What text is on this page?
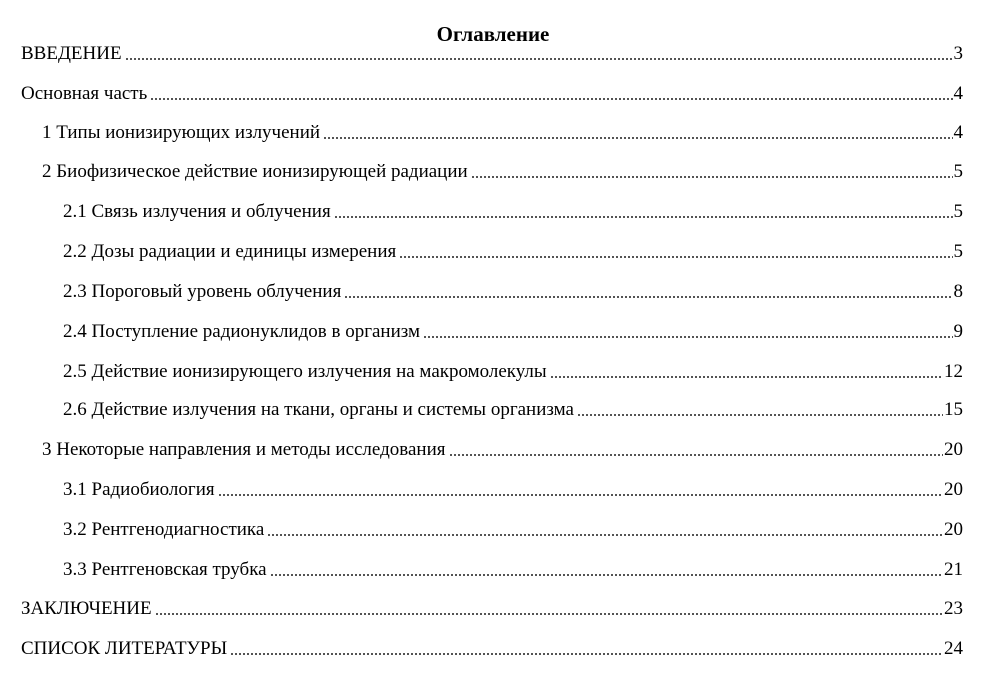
Оглавление
ВВЕДЕНИЕ	3
Основная часть	4
1 Типы ионизирующих излучений	4
2 Биофизическое действие ионизирующей радиации	5
2.1 Связь излучения и облучения	5
2.2 Дозы радиации и единицы измерения	5
2.3 Пороговый уровень облучения	8
2.4 Поступление радионуклидов в организм	9
2.5 Действие ионизирующего излучения на макромолекулы	12
2.6 Действие излучения на ткани, органы и системы организма	15
3 Некоторые направления и методы исследования	20
3.1 Радиобиология	20
3.2 Рентгенодиагностика	20
3.3 Рентгеновская трубка	21
ЗАКЛЮЧЕНИЕ	23
СПИСОК ЛИТЕРАТУРЫ	24
